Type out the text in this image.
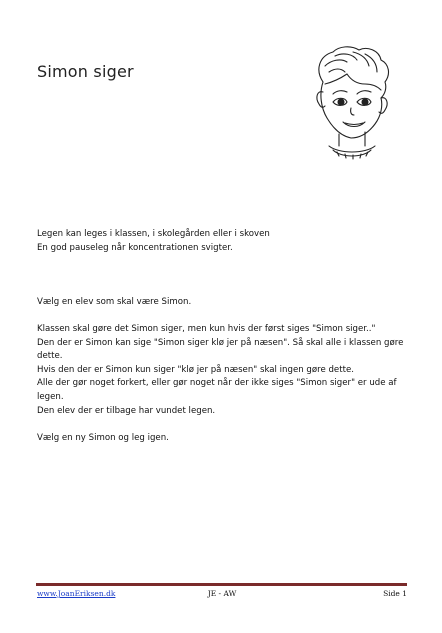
Simon siger

Legen kan leges i klassen, i skolegården eller i skoven

En god pauseleg når koncentrationen svigter.

Vælg en elev som skal være Simon.

Klassen skal gøre det Simon siger, men kun hvis der først siges "Simon siger.."

Den der er Simon kan sige "Simon siger klø jer på næsen". Så skal alle i klassen gøre

dette.

Hvis den der er Simon kun siger "klø jer på næsen" skal ingen gøre dette.

Alle der gør noget forkert, eller gør noget når der ikke siges "Simon siger" er ude af

legen.

Den elev der er tilbage har vundet legen.

Vælg en ny Simon og leg igen.

www.JoanEriksen.dk	JE - AW	Side 1
